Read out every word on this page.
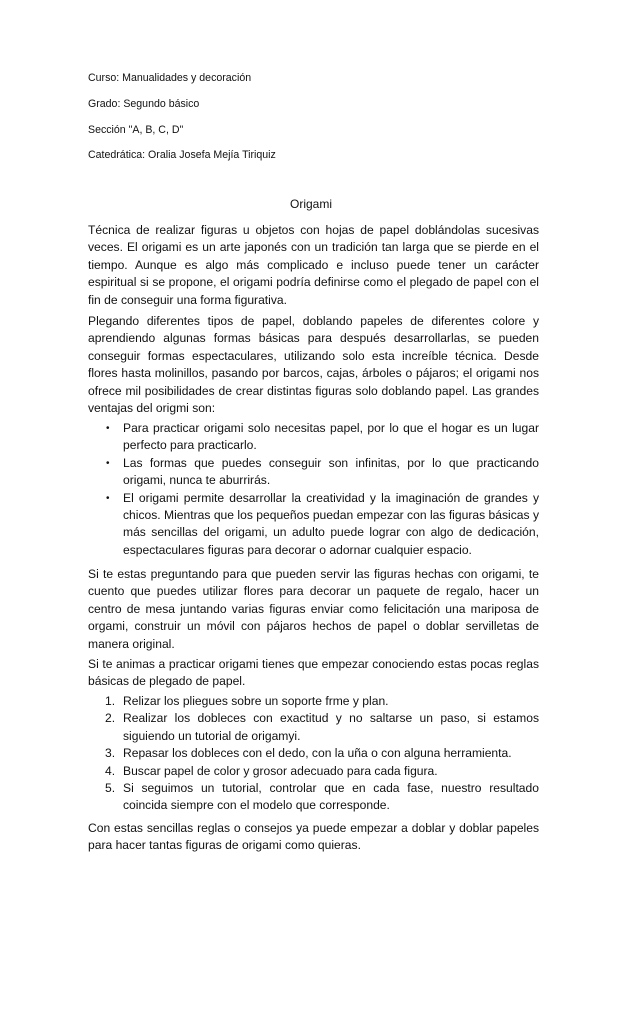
Curso: Manualidades y decoración
Grado: Segundo básico
Sección "A, B, C, D"
Catedrática: Oralia Josefa Mejía Tiriquiz
Origami
Técnica de realizar figuras u objetos con hojas de papel doblándolas sucesivas veces. El origami es un arte japonés con un tradición tan larga que se pierde en el tiempo. Aunque es algo más complicado e incluso puede tener un carácter espiritual si se propone, el origami podría definirse como el plegado de papel con el fin de conseguir una forma figurativa.
Plegando diferentes tipos de papel, doblando papeles de diferentes colore y aprendiendo algunas formas básicas para después desarrollarlas, se pueden conseguir formas espectaculares, utilizando solo esta increíble técnica. Desde flores hasta molinillos, pasando por barcos, cajas, árboles o pájaros; el origami nos ofrece mil posibilidades de crear distintas figuras solo doblando papel. Las grandes ventajas del origmi son:
• Para practicar origami solo necesitas papel, por lo que el hogar es un lugar perfecto para practicarlo.
• Las formas que puedes conseguir son infinitas, por lo que practicando origami, nunca te aburrirás.
• El origami permite desarrollar la creatividad y la imaginación de grandes y chicos. Mientras que los pequeños puedan empezar con las figuras básicas y más sencillas del origami, un adulto puede lograr con algo de dedicación, espectaculares figuras para decorar o adornar cualquier espacio.
Si te estas preguntando para que pueden servir las figuras hechas con origami, te cuento que puedes utilizar flores para decorar un paquete de regalo, hacer un centro de mesa juntando varias figuras enviar como felicitación una mariposa de orgami, construir un móvil con pájaros hechos de papel o doblar servilletas de manera original.
Si te animas a practicar origami tienes que empezar conociendo estas pocas reglas básicas de plegado de papel.
1. Relizar los pliegues sobre un soporte frme y plan.
2. Realizar los dobleces con exactitud y no saltarse un paso, si estamos siguiendo un tutorial de origamyi.
3. Repasar los dobleces con el dedo, con la uña o con alguna herramienta.
4. Buscar papel de color y grosor adecuado para cada figura.
5. Si seguimos un tutorial, controlar que en cada fase, nuestro resultado coincida siempre con el modelo que corresponde.
Con estas sencillas reglas o consejos ya puede empezar a doblar y doblar papeles para hacer tantas figuras de origami como quieras.
